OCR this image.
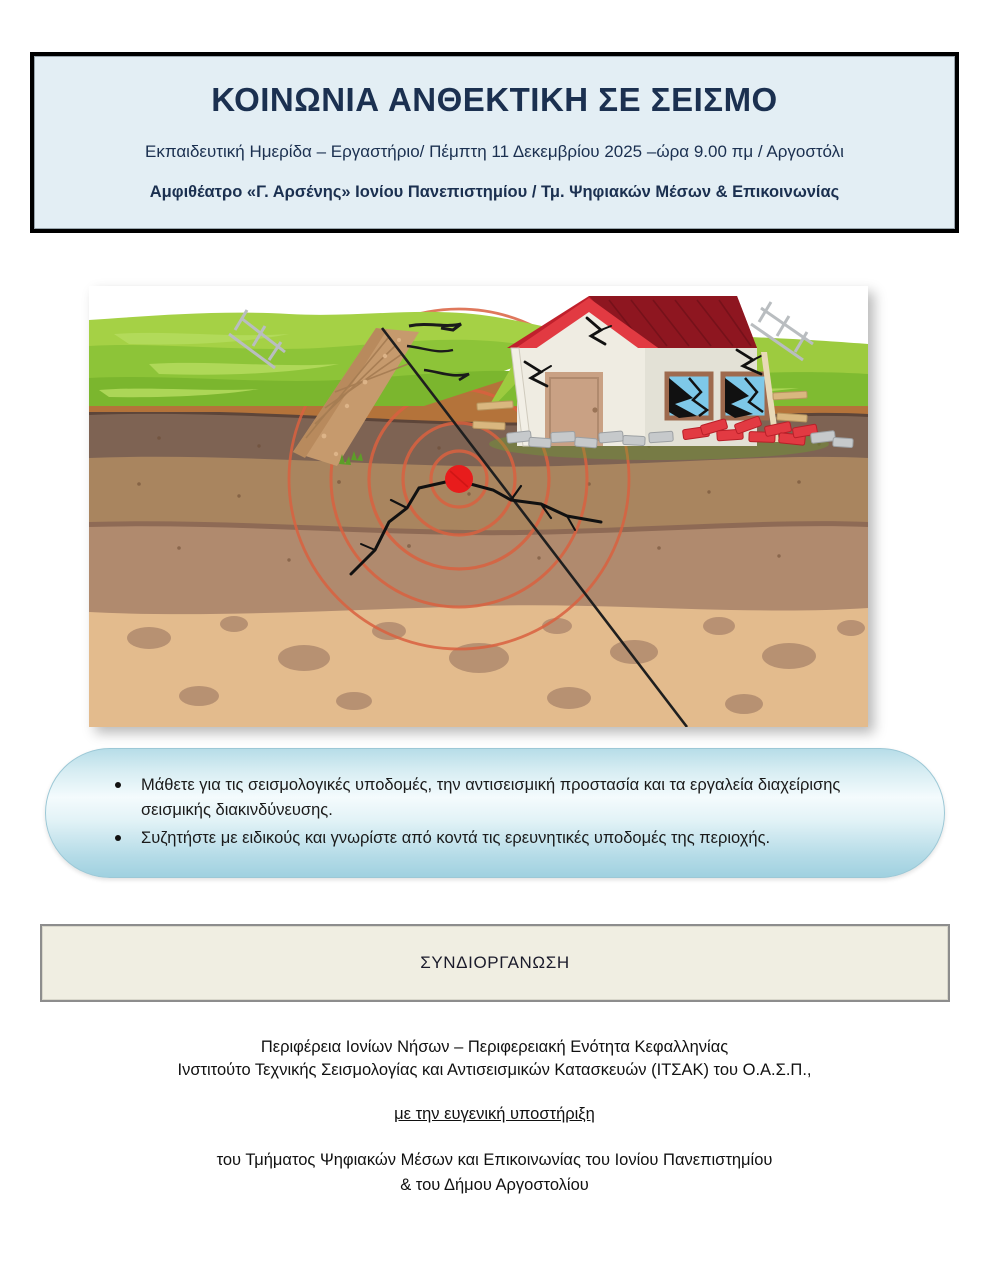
ΚΟΙΝΩΝΙΑ ΑΝΘΕΚΤΙΚΗ ΣΕ ΣΕΙΣΜΟ
Εκπαιδευτική Ημερίδα – Εργαστήριο/ Πέμπτη 11 Δεκεμβρίου 2025 –ώρα 9.00 πμ / Αργοστόλι
Αμφιθέατρο «Γ. Αρσένης» Ιονίου Πανεπιστημίου / Τμ. Ψηφιακών Μέσων & Επικοινωνίας
Μάθετε για τις σεισμολογικές υποδομές, την αντισεισμική προστασία και τα εργαλεία διαχείρισης σεισμικής διακινδύνευσης.
Συζητήστε με ειδικούς και γνωρίστε από κοντά τις ερευνητικές υποδομές της περιοχής.
ΣΥΝΔΙΟΡΓΑΝΩΣΗ
Περιφέρεια Ιονίων Νήσων – Περιφερειακή Ενότητα Κεφαλληνίας
Ινστιτούτο Τεχνικής Σεισμολογίας και Αντισεισμικών Κατασκευών (ΙΤΣΑΚ) του Ο.Α.Σ.Π.,
με την ευγενική υποστήριξη
του Τμήματος Ψηφιακών Μέσων και Επικοινωνίας του Ιονίου Πανεπιστημίου
& του Δήμου Αργοστολίου
